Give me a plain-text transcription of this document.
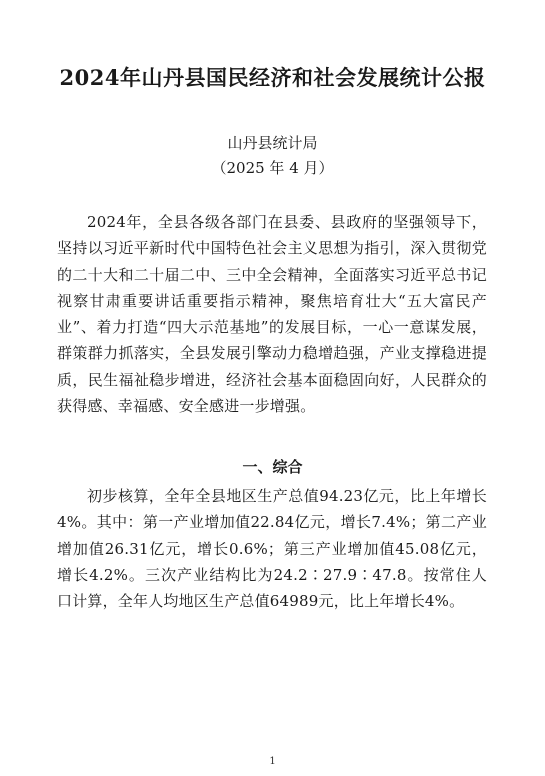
2024年山丹县国民经济和社会发展统计公报
山丹县统计局
（2025 年 4 月）

2024年，全县各级各部门在县委、县政府的坚强领导下，坚持以习近平新时代中国特色社会主义思想为指引，深入贯彻党的二十大和二十届二中、三中全会精神，全面落实习近平总书记视察甘肃重要讲话重要指示精神，聚焦培育壮大“五大富民产业”、着力打造“四大示范基地”的发展目标，一心一意谋发展，群策群力抓落实，全县发展引擎动力稳增趋强，产业支撑稳进提质，民生福祉稳步增进，经济社会基本面稳固向好，人民群众的获得感、幸福感、安全感进一步增强。

一、综合

初步核算，全年全县地区生产总值94.23亿元，比上年增长4%。其中：第一产业增加值22.84亿元，增长7.4%；第二产业增加值26.31亿元，增长0.6%；第三产业增加值45.08亿元，增长4.2%。三次产业结构比为24.2∶27.9∶47.8。按常住人口计算，全年人均地区生产总值64989元，比上年增长4%。

1
